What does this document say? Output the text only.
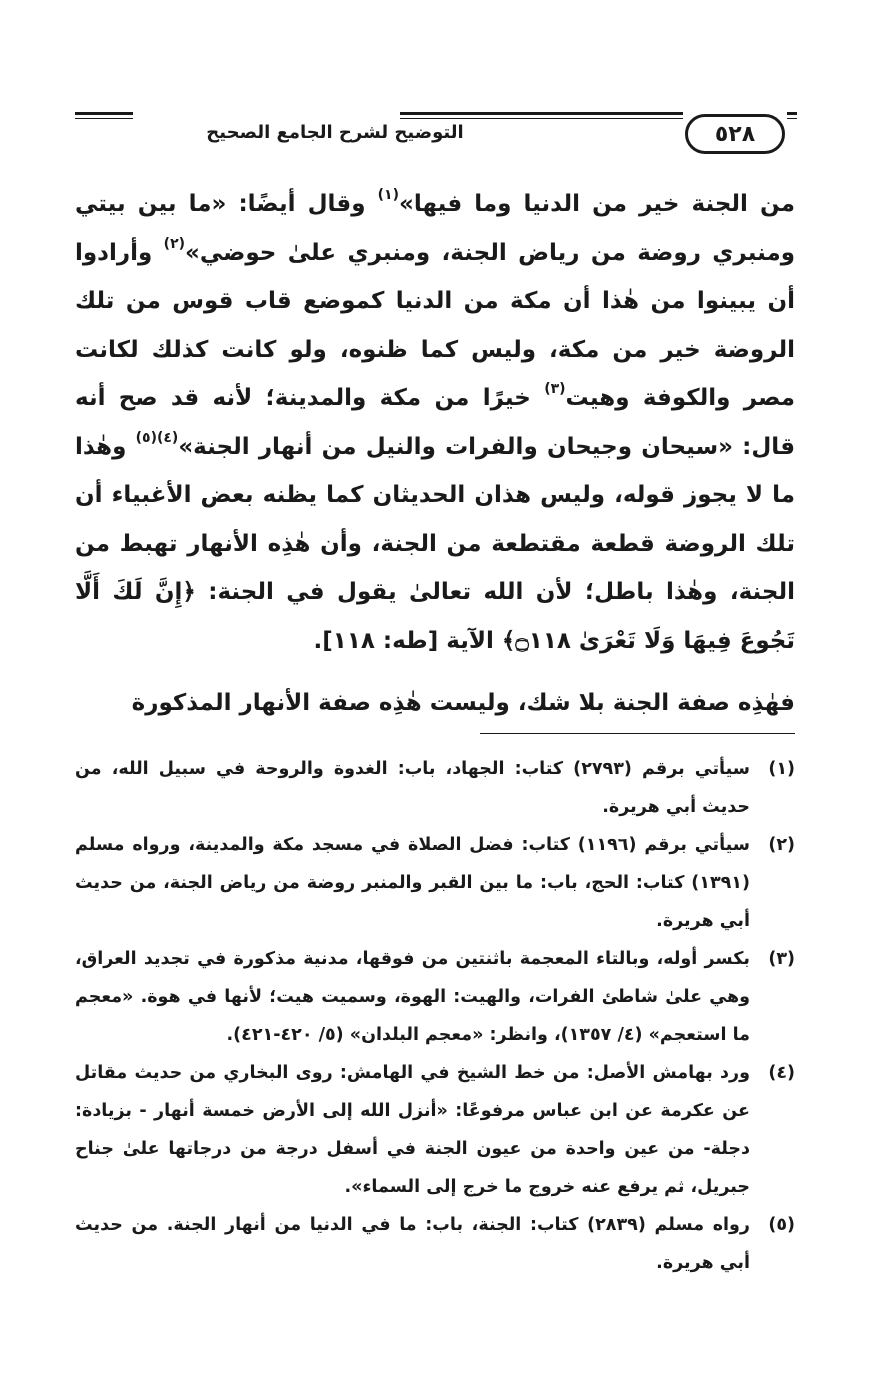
التوضيح لشرح الجامع الصحيح	٥٢٨

من الجنة خير من الدنيا وما فيها»$^{(١)}$ وقال أيضًا: «ما بين بيتي ومنبري روضة من رياض الجنة، ومنبري علىٰ حوضي»$^{(٢)}$ وأرادوا أن يبينوا من هٰذا أن مكة من الدنيا كموضع قاب قوس من تلك الروضة خير من مكة، وليس كما ظنوه، ولو كانت كذلك لكانت مصر والكوفة وهيت$^{(٣)}$ خيرًا من مكة والمدينة؛ لأنه قد صح أنه قال: «سيحان وجيحان والفرات والنيل من أنهار الجنة»$^{(٤)(٥)}$ وهٰذا ما لا يجوز قوله، وليس هذان الحديثان كما يظنه بعض الأغبياء أن تلك الروضة قطعة مقتطعة من الجنة، وأن هٰذِه الأنهار تهبط من الجنة، وهٰذا باطل؛ لأن الله تعالىٰ يقول في الجنة: ﴿إِنَّ لَكَ أَلَّا تَجُوعَ فِيهَا وَلَا تَعْرَىٰ ۝١١٨﴾ الآية [طه: ١١٨].

فهٰذِه صفة الجنة بلا شك، وليست هٰذِه صفة الأنهار المذكورة

(١)
سيأتي برقم (٢٧٩٣) كتاب: الجهاد، باب: الغدوة والروحة في سبيل الله، من حديث أبي هريرة.
(٢)
سيأتي برقم (١١٩٦) كتاب: فضل الصلاة في مسجد مكة والمدينة، ورواه مسلم (١٣٩١) كتاب: الحج، باب: ما بين القبر والمنبر روضة من رياض الجنة، من حديث أبي هريرة.
(٣)
بكسر أوله، وبالتاء المعجمة باثنتين من فوقها، مدنية مذكورة في تجديد العراق، وهي علىٰ شاطئ الفرات، والهيت: الهوة، وسميت هيت؛ لأنها في هوة. «معجم ما استعجم» (٤/ ١٣٥٧)، وانظر: «معجم البلدان» (٥/ ٤٢٠-٤٢١).
(٤)
ورد بهامش الأصل: من خط الشيخ في الهامش: روى البخاري من حديث مقاتل عن عكرمة عن ابن عباس مرفوعًا: «أنزل الله إلى الأرض خمسة أنهار - بزيادة: دجلة- من عين واحدة من عيون الجنة في أسفل درجة من درجاتها علىٰ جناح جبريل، ثم يرفع عنه خروج ما خرج إلى السماء».
(٥)
رواه مسلم (٢٨٣٩) كتاب: الجنة، باب: ما في الدنيا من أنهار الجنة. من حديث أبي هريرة.
